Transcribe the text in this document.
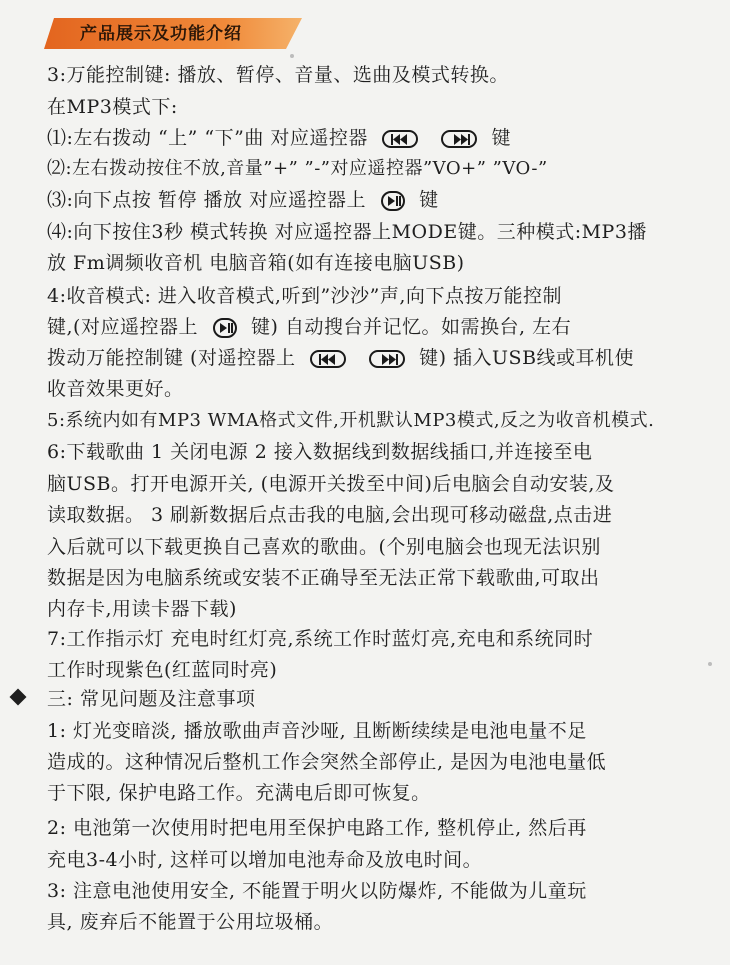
产品展示及功能介绍
3:万能控制键: 播放、暂停、音量、选曲及模式转换。
在MP3模式下:
⑴:左右拨动 “上” “下”曲 对应遥控器
	键
⑵:左右拨动按住不放,音量”+” ”-”对应遥控器”VO+” ”VO-”
⑶:向下点按 暂停 播放 对应遥控器上	键
⑷:向下按住3秒 模式转换 对应遥控器上MODE键。三种模式:MP3播
放 Fm调频收音机 电脑音箱(如有连接电脑USB)
4:收音模式: 进入收音模式,听到”沙沙”声,向下点按万能控制
键,(对应遥控器上	键) 自动搜台并记忆。如需换台, 左右
拨动万能控制键 (对遥控器上
	键) 插入USB线或耳机使
收音效果更好。
5:系统内如有MP3 WMA格式文件,开机默认MP3模式,反之为收音机模式.
6:下载歌曲 1 关闭电源 2 接入数据线到数据线插口,并连接至电
脑USB。打开电源开关, (电源开关拨至中间)后电脑会自动安装,及
读取数据。 3 刷新数据后点击我的电脑,会出现可移动磁盘,点击进
入后就可以下载更换自己喜欢的歌曲。(个别电脑会也现无法识别
数据是因为电脑系统或安装不正确导至无法正常下载歌曲,可取出
内存卡,用读卡器下载)
7:工作指示灯 充电时红灯亮,系统工作时蓝灯亮,充电和系统同时
工作时现紫色(红蓝同时亮)
三: 常见问题及注意事项
1: 灯光变暗淡, 播放歌曲声音沙哑, 且断断续续是电池电量不足
造成的。这种情况后整机工作会突然全部停止, 是因为电池电量低
于下限, 保护电路工作。充满电后即可恢复。
2: 电池第一次使用时把电用至保护电路工作, 整机停止, 然后再
充电3-4小时, 这样可以增加电池寿命及放电时间。
3: 注意电池使用安全, 不能置于明火以防爆炸, 不能做为儿童玩
具, 废弃后不能置于公用垃圾桶。
